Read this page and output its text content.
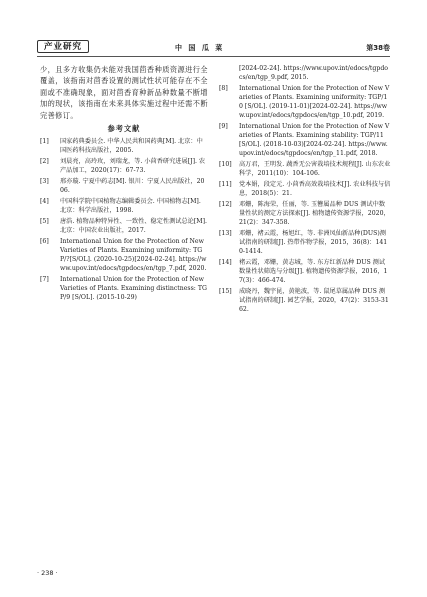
产业研究	中 国 瓜 菜	第38卷

少，且多方收集仍未能对我国茴香种质资源进行全覆盖，该指南对茴香设置的测试性状可能存在不全面或不准确现象，面对茴香育种新品种数量不断增加的现状，该指南在未来具体实施过程中还需不断完善修订。

参考文献
[1]	国家药典委员会. 中华人民共和国药典[M]. 北京：中国医药科技出版社，2005.
[2]	刘晨亮，高玲玫，刘瑞龙，等. 小茴香研究进展[J]. 农产品加工，2020(17)：67-73.
[3]	邢亦璇. 宁夏中药志[M]. 银川：宁夏人民出版社，2006.
[4]	中国科学院中国植物志编辑委员会. 中国植物志[M]. 北京：科学出版社，1998.
[5]	唐浩. 植物品种特异性、一致性、稳定性测试总论[M]. 北京：中国农业出版社，2017.
[6]	International Union for the Protection of New Varieties of Plants. Examining uniformity: TGP/?[S/OL]. (2020-10-25)[2024-02-24]. https://www.upov.int/edocs/tgpdocs/en/tgp_7.pdf, 2020.
[7]	International Union for the Protection of New Varieties of Plants. Examining distinctness: TGP/9 [S/OL]. (2015-10-29)
[2024-02-24]. https://www.upov.int/edocs/tgpdocs/en/tgp_9.pdf, 2015.
[8]	International Union for the Protection of New Varieties of Plants. Examining uniformity: TGP/10 [S/OL]. (2019-11-01)[2024-02-24]. https://www.upov.int/edocs/tgpdocs/en/tgp_10.pdf, 2019.
[9]	International Union for the Protection of New Varieties of Plants. Examining stability: TGP/11 [S/OL]. (2018-10-03)[2024-02-24]. https://www.upov.int/edocs/tgpdocs/en/tgp_11.pdf, 2018.
[10]	高万君，王明发. 蔬香无公害栽培技术规程[J]. 山东农业科学，2011(10)：104-106.
[11]	党本娟，段定元. 小茴香高效栽培技术[J]. 农业科技与信息，2018(5)：21.
[12]	邓姗，陈海荣，任丽，等. 玉簪属品种 DUS 测试中数量性状的测定方法探索[J]. 植物遗传资源学报，2020，21(2)：347-358.
[13]	邓姗，褚云霞，杨旭红，等. 非洲凤仙新品种(DUS)测试指南的研制[J]. 热带作物学报，2015，36(8)：1410-1414.
[14]	褚云霞，邓姗，黄志城，等. 东方红新品种 DUS 测试数量性状筛选与分级[J]. 植物遗传资源学报，2016，17(3)：466-474.
[15]	成晓丹，魏宇昆，黄艳波，等. 鼠尾草属品种 DUS 测试指南的研制[J]. 园艺学报，2020，47(2)：3153-3162.
· 238 ·
